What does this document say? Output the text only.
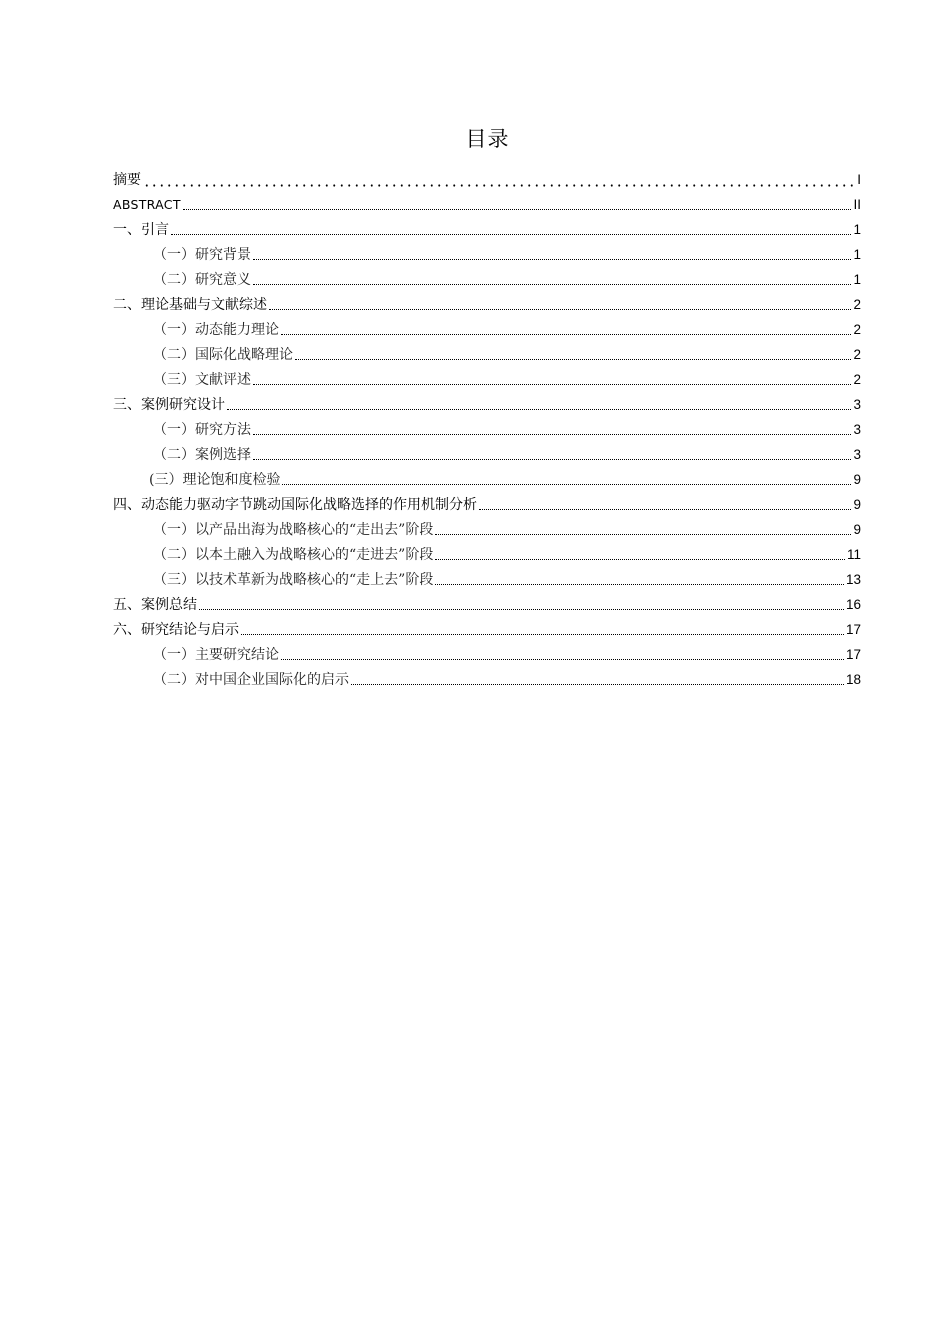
目录
摘要	I
ABSTRACT	II
一、引言	1
（一）研究背景	1
（二）研究意义	1
二、理论基础与文献综述	2
（一）动态能力理论	2
（二）国际化战略理论	2
（三）文献评述	2
三、案例研究设计	3
（一）研究方法	3
（二）案例选择	3
(三）理论饱和度检验	9
四、动态能力驱动字节跳动国际化战略选择的作用机制分析	9
（一）以产品出海为战略核心的“走出去”阶段	9
（二）以本土融入为战略核心的“走进去”阶段	11
（三）以技术革新为战略核心的“走上去”阶段	13
五、案例总结	16
六、研究结论与启示	17
（一）主要研究结论	17
（二）对中国企业国际化的启示	18
